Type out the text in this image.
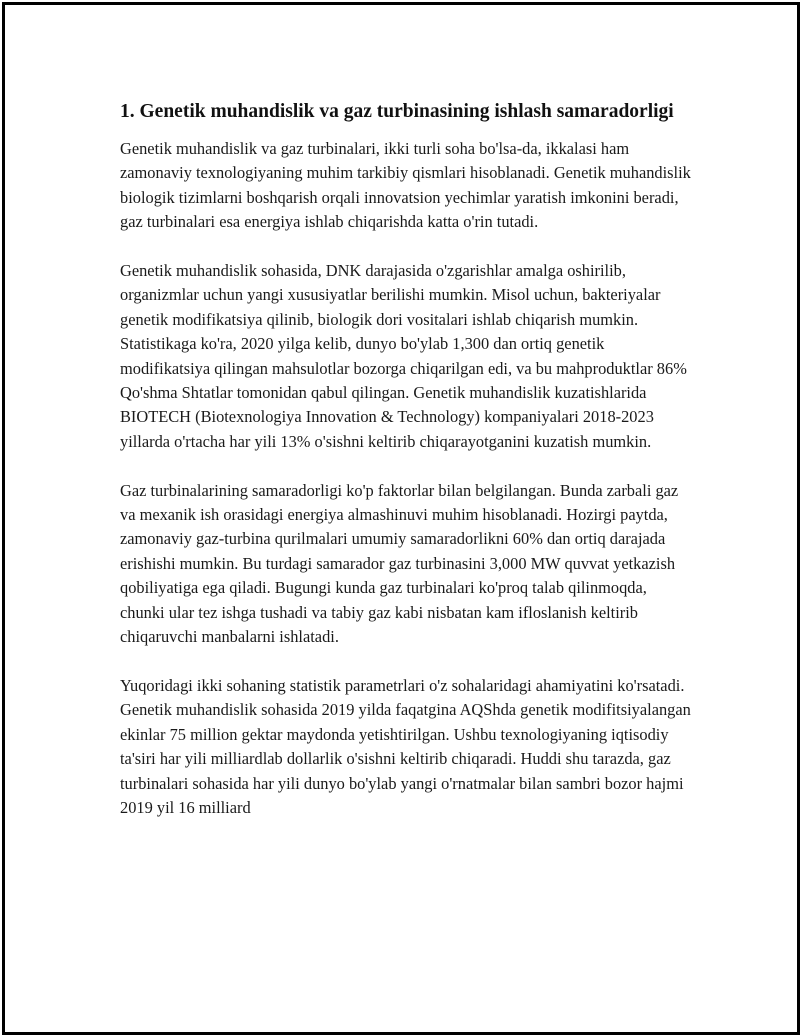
1. Genetik muhandislik va gaz turbinasining ishlash samaradorligi

Genetik muhandislik va gaz turbinalari, ikki turli soha bo'lsa-da, ikkalasi ham zamonaviy texnologiyaning muhim tarkibiy qismlari hisoblanadi. Genetik muhandislik biologik tizimlarni boshqarish orqali innovatsion yechimlar yaratish imkonini beradi, gaz turbinalari esa energiya ishlab chiqarishda katta o'rin tutadi.

Genetik muhandislik sohasida, DNK darajasida o'zgarishlar amalga oshirilib, organizmlar uchun yangi xususiyatlar berilishi mumkin. Misol uchun, bakteriyalar genetik modifikatsiya qilinib, biologik dori vositalari ishlab chiqarish mumkin. Statistikaga ko'ra, 2020 yilga kelib, dunyo bo'ylab 1,300 dan ortiq genetik modifikatsiya qilingan mahsulotlar bozorga chiqarilgan edi, va bu mahproduktlar 86% Qo'shma Shtatlar tomonidan qabul qilingan. Genetik muhandislik kuzatishlarida BIOTECH (Biotexnologiya Innovation & Technology) kompaniyalari 2018-2023 yillarda o'rtacha har yili 13% o'sishni keltirib chiqarayotganini kuzatish mumkin.

Gaz turbinalarining samaradorligi ko'p faktorlar bilan belgilangan. Bunda zarbali gaz va mexanik ish orasidagi energiya almashinuvi muhim hisoblanadi. Hozirgi paytda, zamonaviy gaz-turbina qurilmalari umumiy samaradorlikni 60% dan ortiq darajada erishishi mumkin. Bu turdagi samarador gaz turbinasini 3,000 MW quvvat yetkazish qobiliyatiga ega qiladi. Bugungi kunda gaz turbinalari ko'proq talab qilinmoqda, chunki ular tez ishga tushadi va tabiy gaz kabi nisbatan kam ifloslanish keltirib chiqaruvchi manbalarni ishlatadi.

Yuqoridagi ikki sohaning statistik parametrlari o'z sohalaridagi ahamiyatini ko'rsatadi. Genetik muhandislik sohasida 2019 yilda faqatgina AQShda genetik modifitsiyalangan ekinlar 75 million gektar maydonda yetishtirilgan. Ushbu texnologiyaning iqtisodiy ta'siri har yili milliardlab dollarlik o'sishni keltirib chiqaradi. Huddi shu tarazda, gaz turbinalari sohasida har yili dunyo bo'ylab yangi o'rnatmalar bilan sambri bozor hajmi 2019 yil 16 milliard
